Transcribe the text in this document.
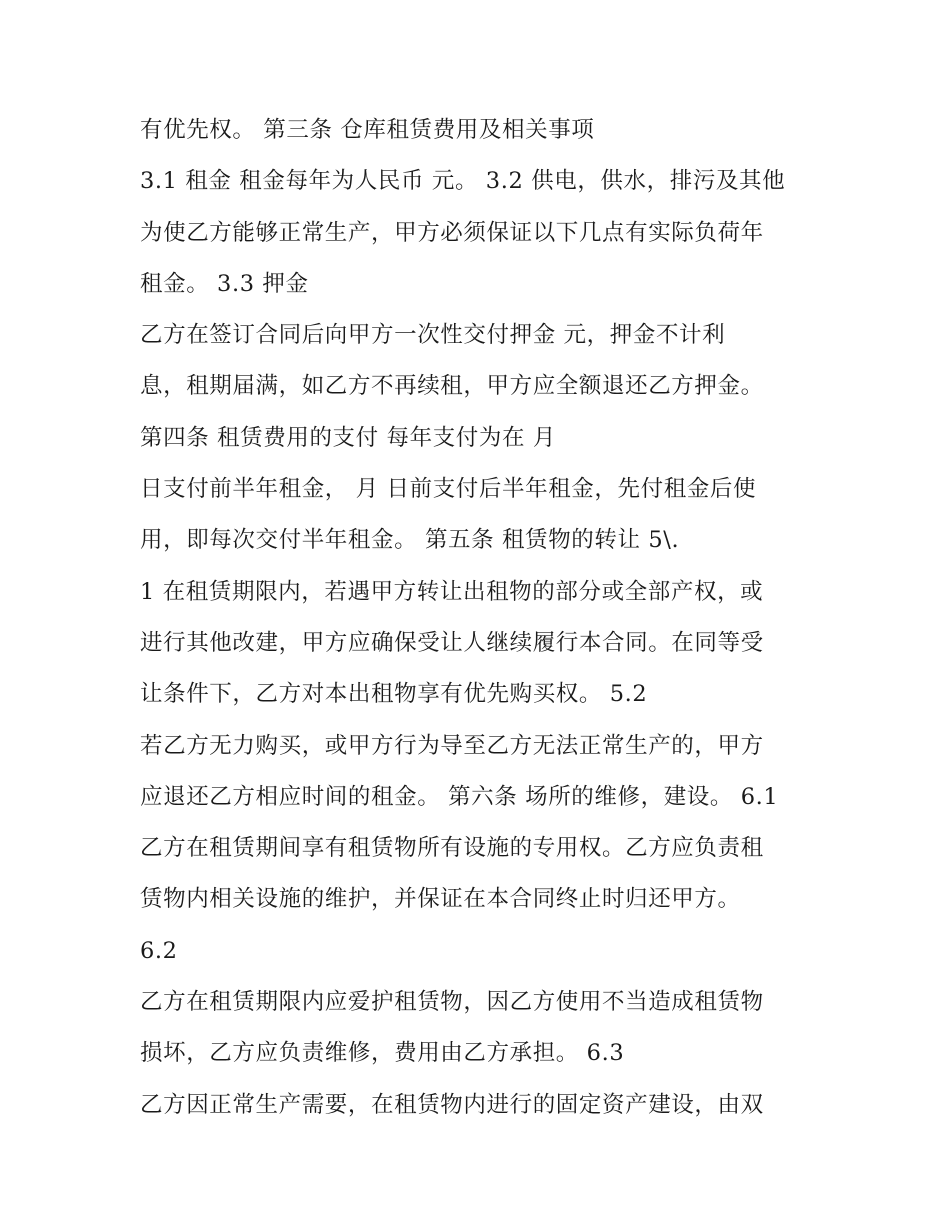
有优先权。 第三条 仓库租赁费用及相关事项
3.1 租金 租金每年为人民币 元。 3.2 供电，供水，排污及其他
为使乙方能够正常生产，甲方必须保证以下几点有实际负荷年
租金。 3.3 押金
乙方在签订合同后向甲方一次性交付押金 元，押金不计利
息，租期届满，如乙方不再续租，甲方应全额退还乙方押金。
第四条 租赁费用的支付 每年支付为在 月
日支付前半年租金， 月 日前支付后半年租金，先付租金后使
用，即每次交付半年租金。 第五条 租赁物的转让 5\.
1 在租赁期限内，若遇甲方转让出租物的部分或全部产权，或
进行其他改建，甲方应确保受让人继续履行本合同。在同等受
让条件下，乙方对本出租物享有优先购买权。 5.2
若乙方无力购买，或甲方行为导至乙方无法正常生产的，甲方
应退还乙方相应时间的租金。 第六条 场所的维修，建设。 6.1
乙方在租赁期间享有租赁物所有设施的专用权。乙方应负责租
赁物内相关设施的维护，并保证在本合同终止时归还甲方。
6.2
乙方在租赁期限内应爱护租赁物，因乙方使用不当造成租赁物
损坏，乙方应负责维修，费用由乙方承担。 6.3
乙方因正常生产需要，在租赁物内进行的固定资产建设，由双
